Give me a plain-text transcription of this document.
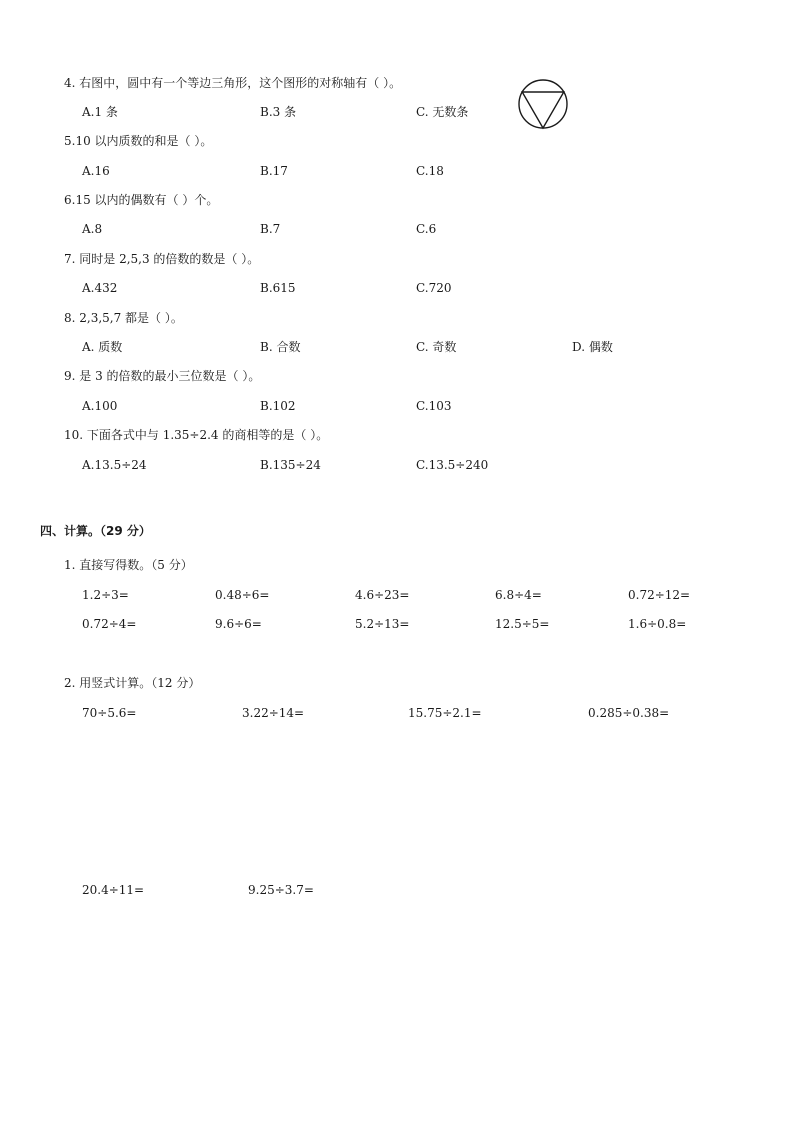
4. 右图中，圆中有一个等边三角形，这个图形的对称轴有（ ）。
A.1 条	B.3 条	C. 无数条
5.10 以内质数的和是（ ）。
A.16	B.17	C.18
6.15 以内的偶数有（ ）个。
A.8	B.7	C.6
7. 同时是 2,5,3 的倍数的数是（ ）。
A.432	B.615	C.720
8. 2,3,5,7 都是（ ）。
A. 质数	B. 合数	C. 奇数	D. 偶数
9. 是 3 的倍数的最小三位数是（ ）。
A.100	B.102	C.103
10. 下面各式中与 1.35÷2.4 的商相等的是（ ）。
A.13.5÷24	B.135÷24	C.13.5÷240
四、计算。（29 分）
1. 直接写得数。（5 分）
1.2÷3=	0.48÷6=	4.6÷23=	6.8÷4=	0.72÷12=
0.72÷4=	9.6÷6=	5.2÷13=	12.5÷5=	1.6÷0.8=
2. 用竖式计算。（12 分）
70÷5.6=	3.22÷14=	15.75÷2.1=	0.285÷0.38=
20.4÷11=	9.25÷3.7=
